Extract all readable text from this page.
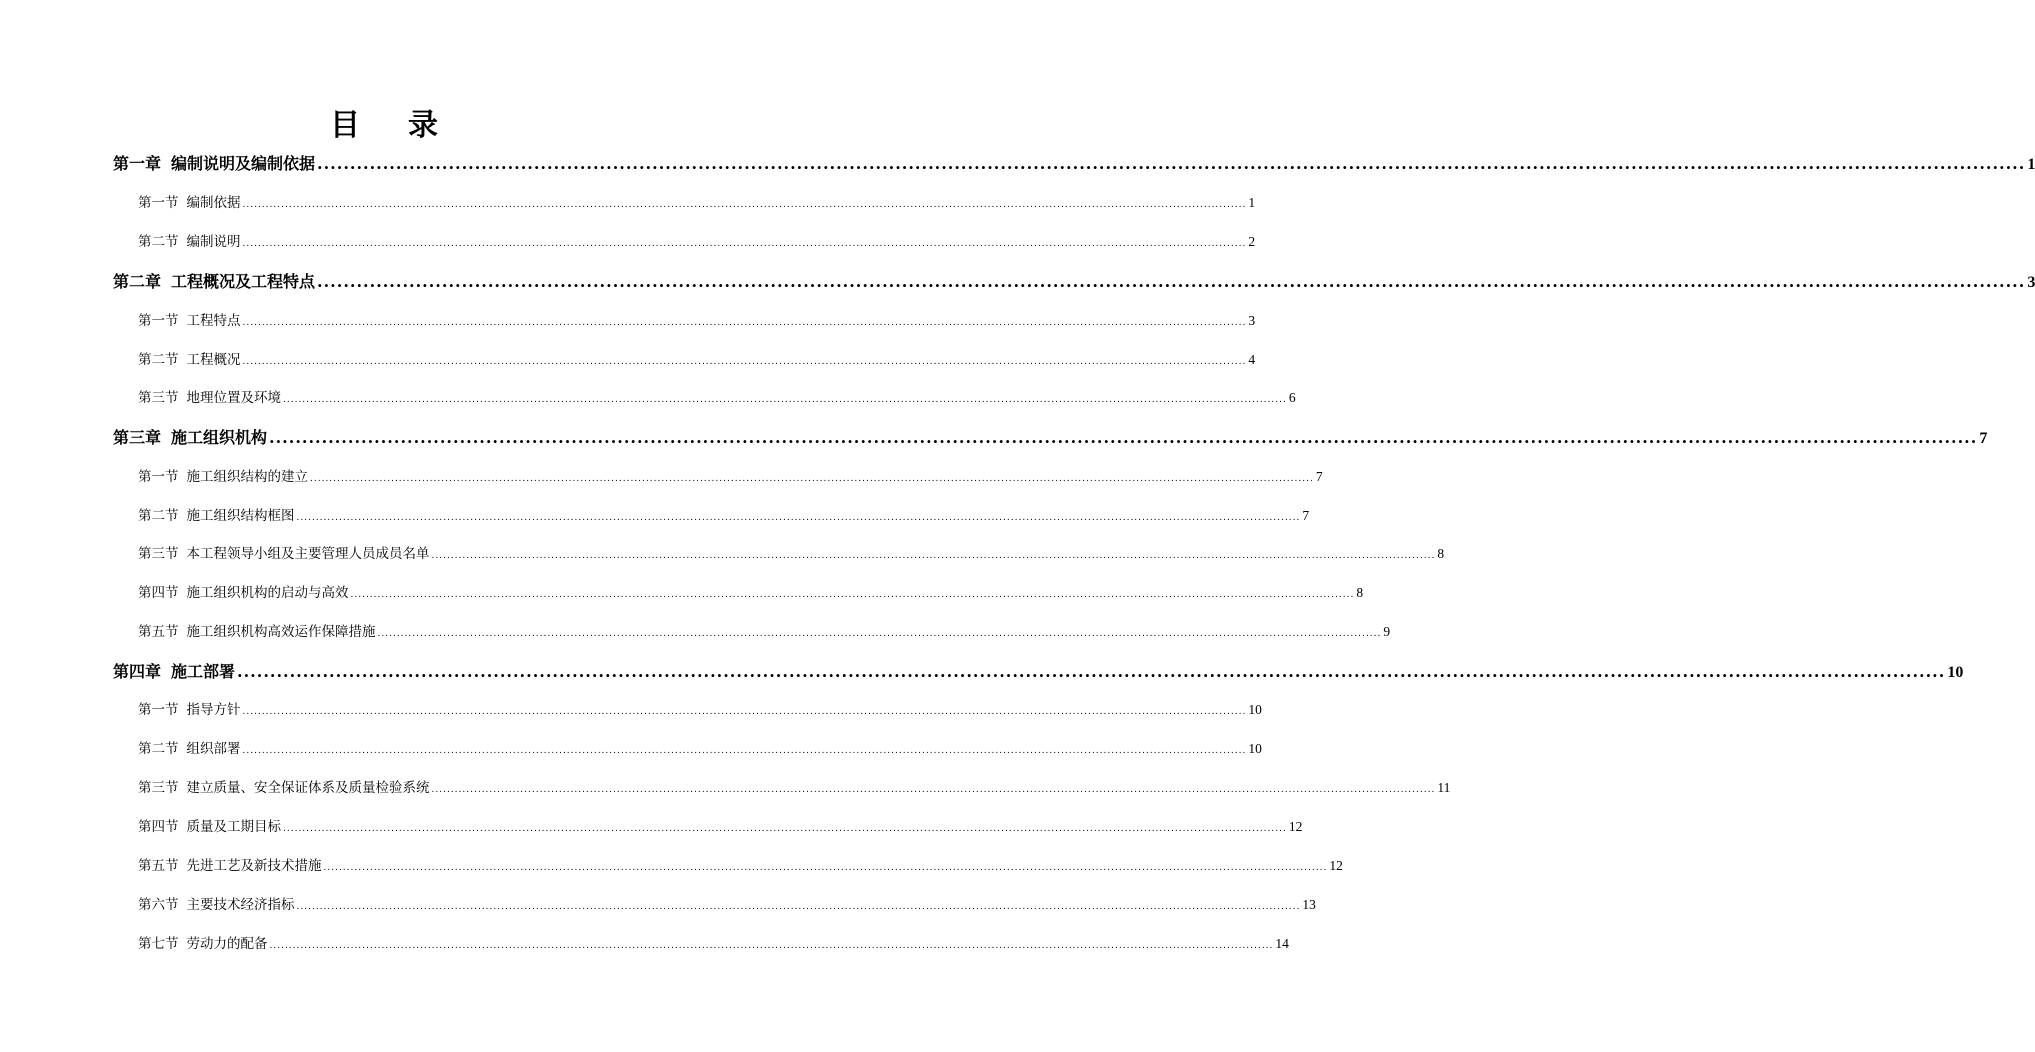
目 录
第一章 编制说明及编制依据 .................................................................................................................................................................................................................................................................... 1
第一节 编制依据 .................................................................................................................................................................................................................................................................... 1
第二节 编制说明 .................................................................................................................................................................................................................................................................... 2
第二章 工程概况及工程特点 .................................................................................................................................................................................................................................................................... 3
第一节 工程特点 .................................................................................................................................................................................................................................................................... 3
第二节 工程概况 .................................................................................................................................................................................................................................................................... 4
第三节 地理位置及环境 .................................................................................................................................................................................................................................................................... 6
第三章 施工组织机构 .................................................................................................................................................................................................................................................................... 7
第一节 施工组织结构的建立 .................................................................................................................................................................................................................................................................... 7
第二节 施工组织结构框图 .................................................................................................................................................................................................................................................................... 7
第三节 本工程领导小组及主要管理人员成员名单 .................................................................................................................................................................................................................................................................... 8
第四节 施工组织机构的启动与高效 .................................................................................................................................................................................................................................................................... 8
第五节 施工组织机构高效运作保障措施 .................................................................................................................................................................................................................................................................... 9
第四章 施工部署 .................................................................................................................................................................................................................................................................... 10
第一节 指导方针 .................................................................................................................................................................................................................................................................... 10
第二节 组织部署 .................................................................................................................................................................................................................................................................... 10
第三节 建立质量、安全保证体系及质量检验系统 .................................................................................................................................................................................................................................................................... 11
第四节 质量及工期目标 .................................................................................................................................................................................................................................................................... 12
第五节 先进工艺及新技术措施 .................................................................................................................................................................................................................................................................... 12
第六节 主要技术经济指标 .................................................................................................................................................................................................................................................................... 13
第七节 劳动力的配备 .................................................................................................................................................................................................................................................................... 14
